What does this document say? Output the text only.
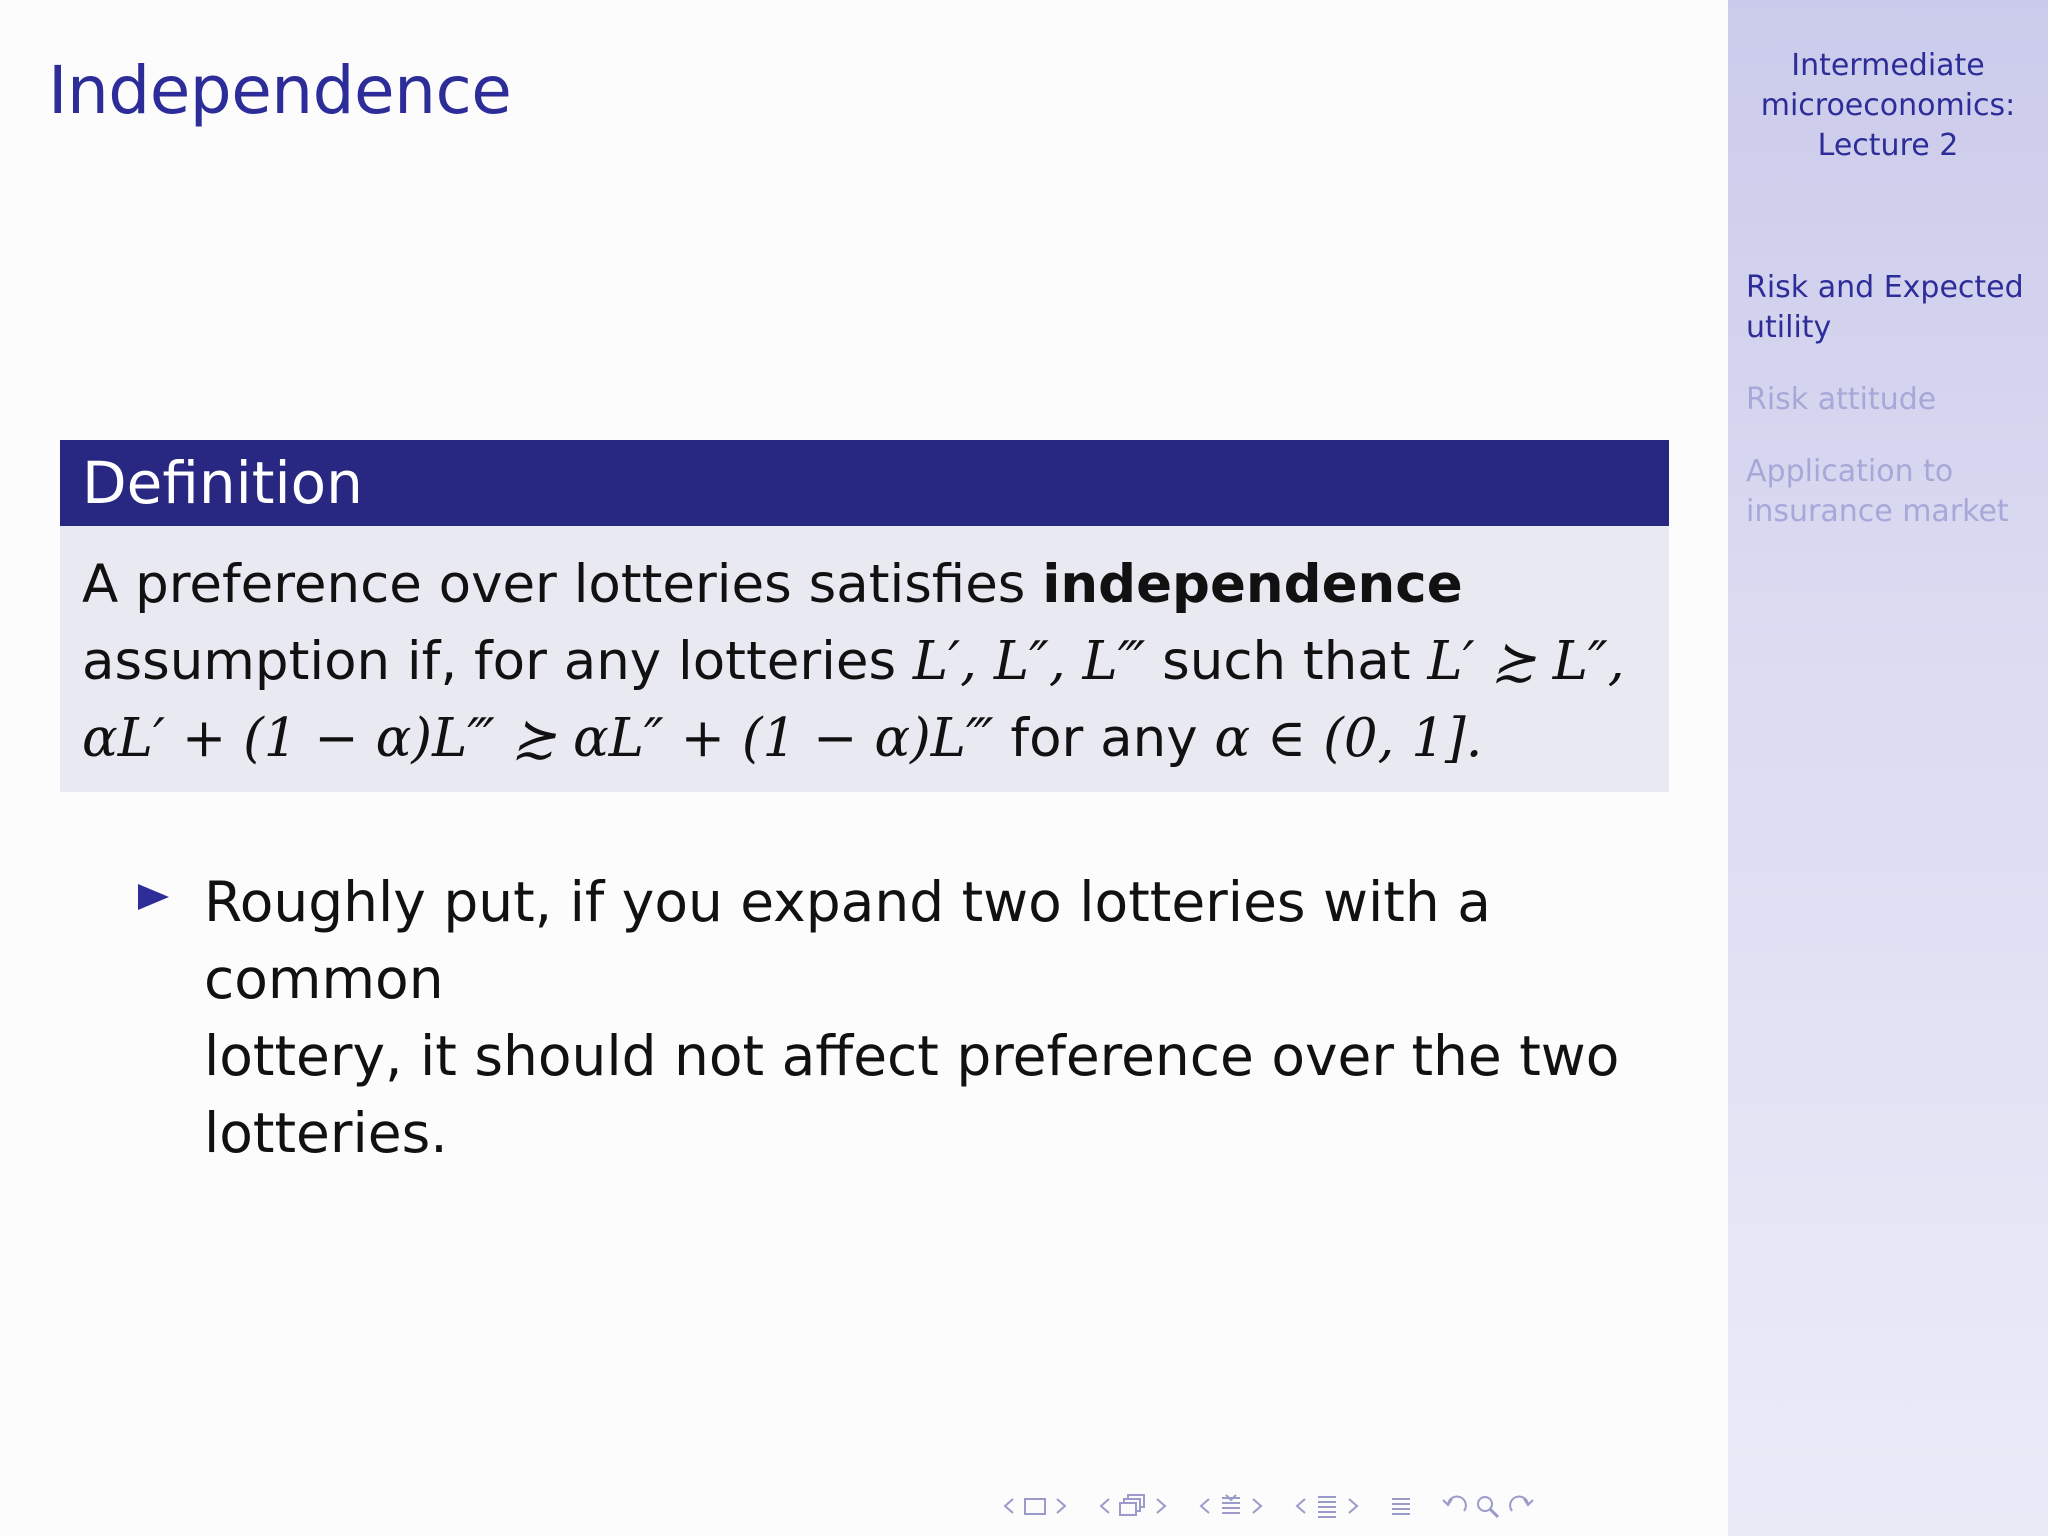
Independence
Definition
A preference over lotteries satisfies independence
assumption if, for any lotteries L′, L″, L‴ such that L′ ≿ L″,
αL′ + (1 − α)L‴ ≿ αL″ + (1 − α)L‴ for any α ∈ (0, 1].
Roughly put, if you expand two lotteries with a common
lottery, it should not affect preference over the two
lotteries.
Intermediate
microeconomics:
Lecture 2
Risk and Expected
utility
Risk attitude
Application to
insurance market
